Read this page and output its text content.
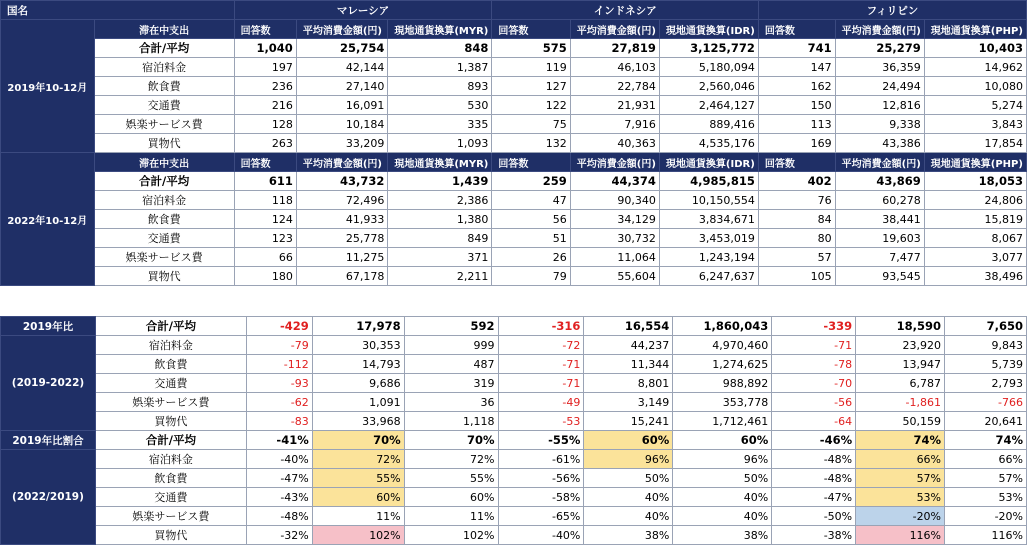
国名		マレーシア			インドネシア			フィリピン		
2019年10-12月	滞在中支出	回答数	平均消費金額(円)	現地通貨換算(MYR)	回答数	平均消費金額(円)	現地通貨換算(IDR)	回答数	平均消費金額(円)	現地通貨換算(PHP)
	合計/平均	1,040	25,754	848	575	27,819	3,125,772	741	25,279	10,403
	宿泊料金	197	42,144	1,387	119	46,103	5,180,094	147	36,359	14,962
	飲食費	236	27,140	893	127	22,784	2,560,046	162	24,494	10,080
	交通費	216	16,091	530	122	21,931	2,464,127	150	12,816	5,274
	娯楽サービス費	128	10,184	335	75	7,916	889,416	113	9,338	3,843
	買物代	263	33,209	1,093	132	40,363	4,535,176	169	43,386	17,854
2022年10-12月	滞在中支出	回答数	平均消費金額(円)	現地通貨換算(MYR)	回答数	平均消費金額(円)	現地通貨換算(IDR)	回答数	平均消費金額(円)	現地通貨換算(PHP)
	合計/平均	611	43,732	1,439	259	44,374	4,985,815	402	43,869	18,053
	宿泊料金	118	72,496	2,386	47	90,340	10,150,554	76	60,278	24,806
	飲食費	124	41,933	1,380	56	34,129	3,834,671	84	38,441	15,819
	交通費	123	25,778	849	51	30,732	3,453,019	80	19,603	8,067
	娯楽サービス費	66	11,275	371	26	11,064	1,243,194	57	7,477	3,077
	買物代	180	67,178	2,211	79	55,604	6,247,637	105	93,545	38,496
2019年比	合計/平均	-429	17,978	592	-316	16,554	1,860,043	-339	18,590	7,650
(2019-2022)	宿泊料金	-79	30,353	999	-72	44,237	4,970,460	-71	23,920	9,843
	飲食費	-112	14,793	487	-71	11,344	1,274,625	-78	13,947	5,739
	交通費	-93	9,686	319	-71	8,801	988,892	-70	6,787	2,793
	娯楽サービス費	-62	1,091	36	-49	3,149	353,778	-56	-1,861	-766
	買物代	-83	33,968	1,118	-53	15,241	1,712,461	-64	50,159	20,641
2019年比割合	合計/平均	-41%	70%	70%	-55%	60%	60%	-46%	74%	74%
(2022/2019)	宿泊料金	-40%	72%	72%	-61%	96%	96%	-48%	66%	66%
	飲食費	-47%	55%	55%	-56%	50%	50%	-48%	57%	57%
	交通費	-43%	60%	60%	-58%	40%	40%	-47%	53%	53%
	娯楽サービス費	-48%	11%	11%	-65%	40%	40%	-50%	-20%	-20%
	買物代	-32%	102%	102%	-40%	38%	38%	-38%	116%	116%
